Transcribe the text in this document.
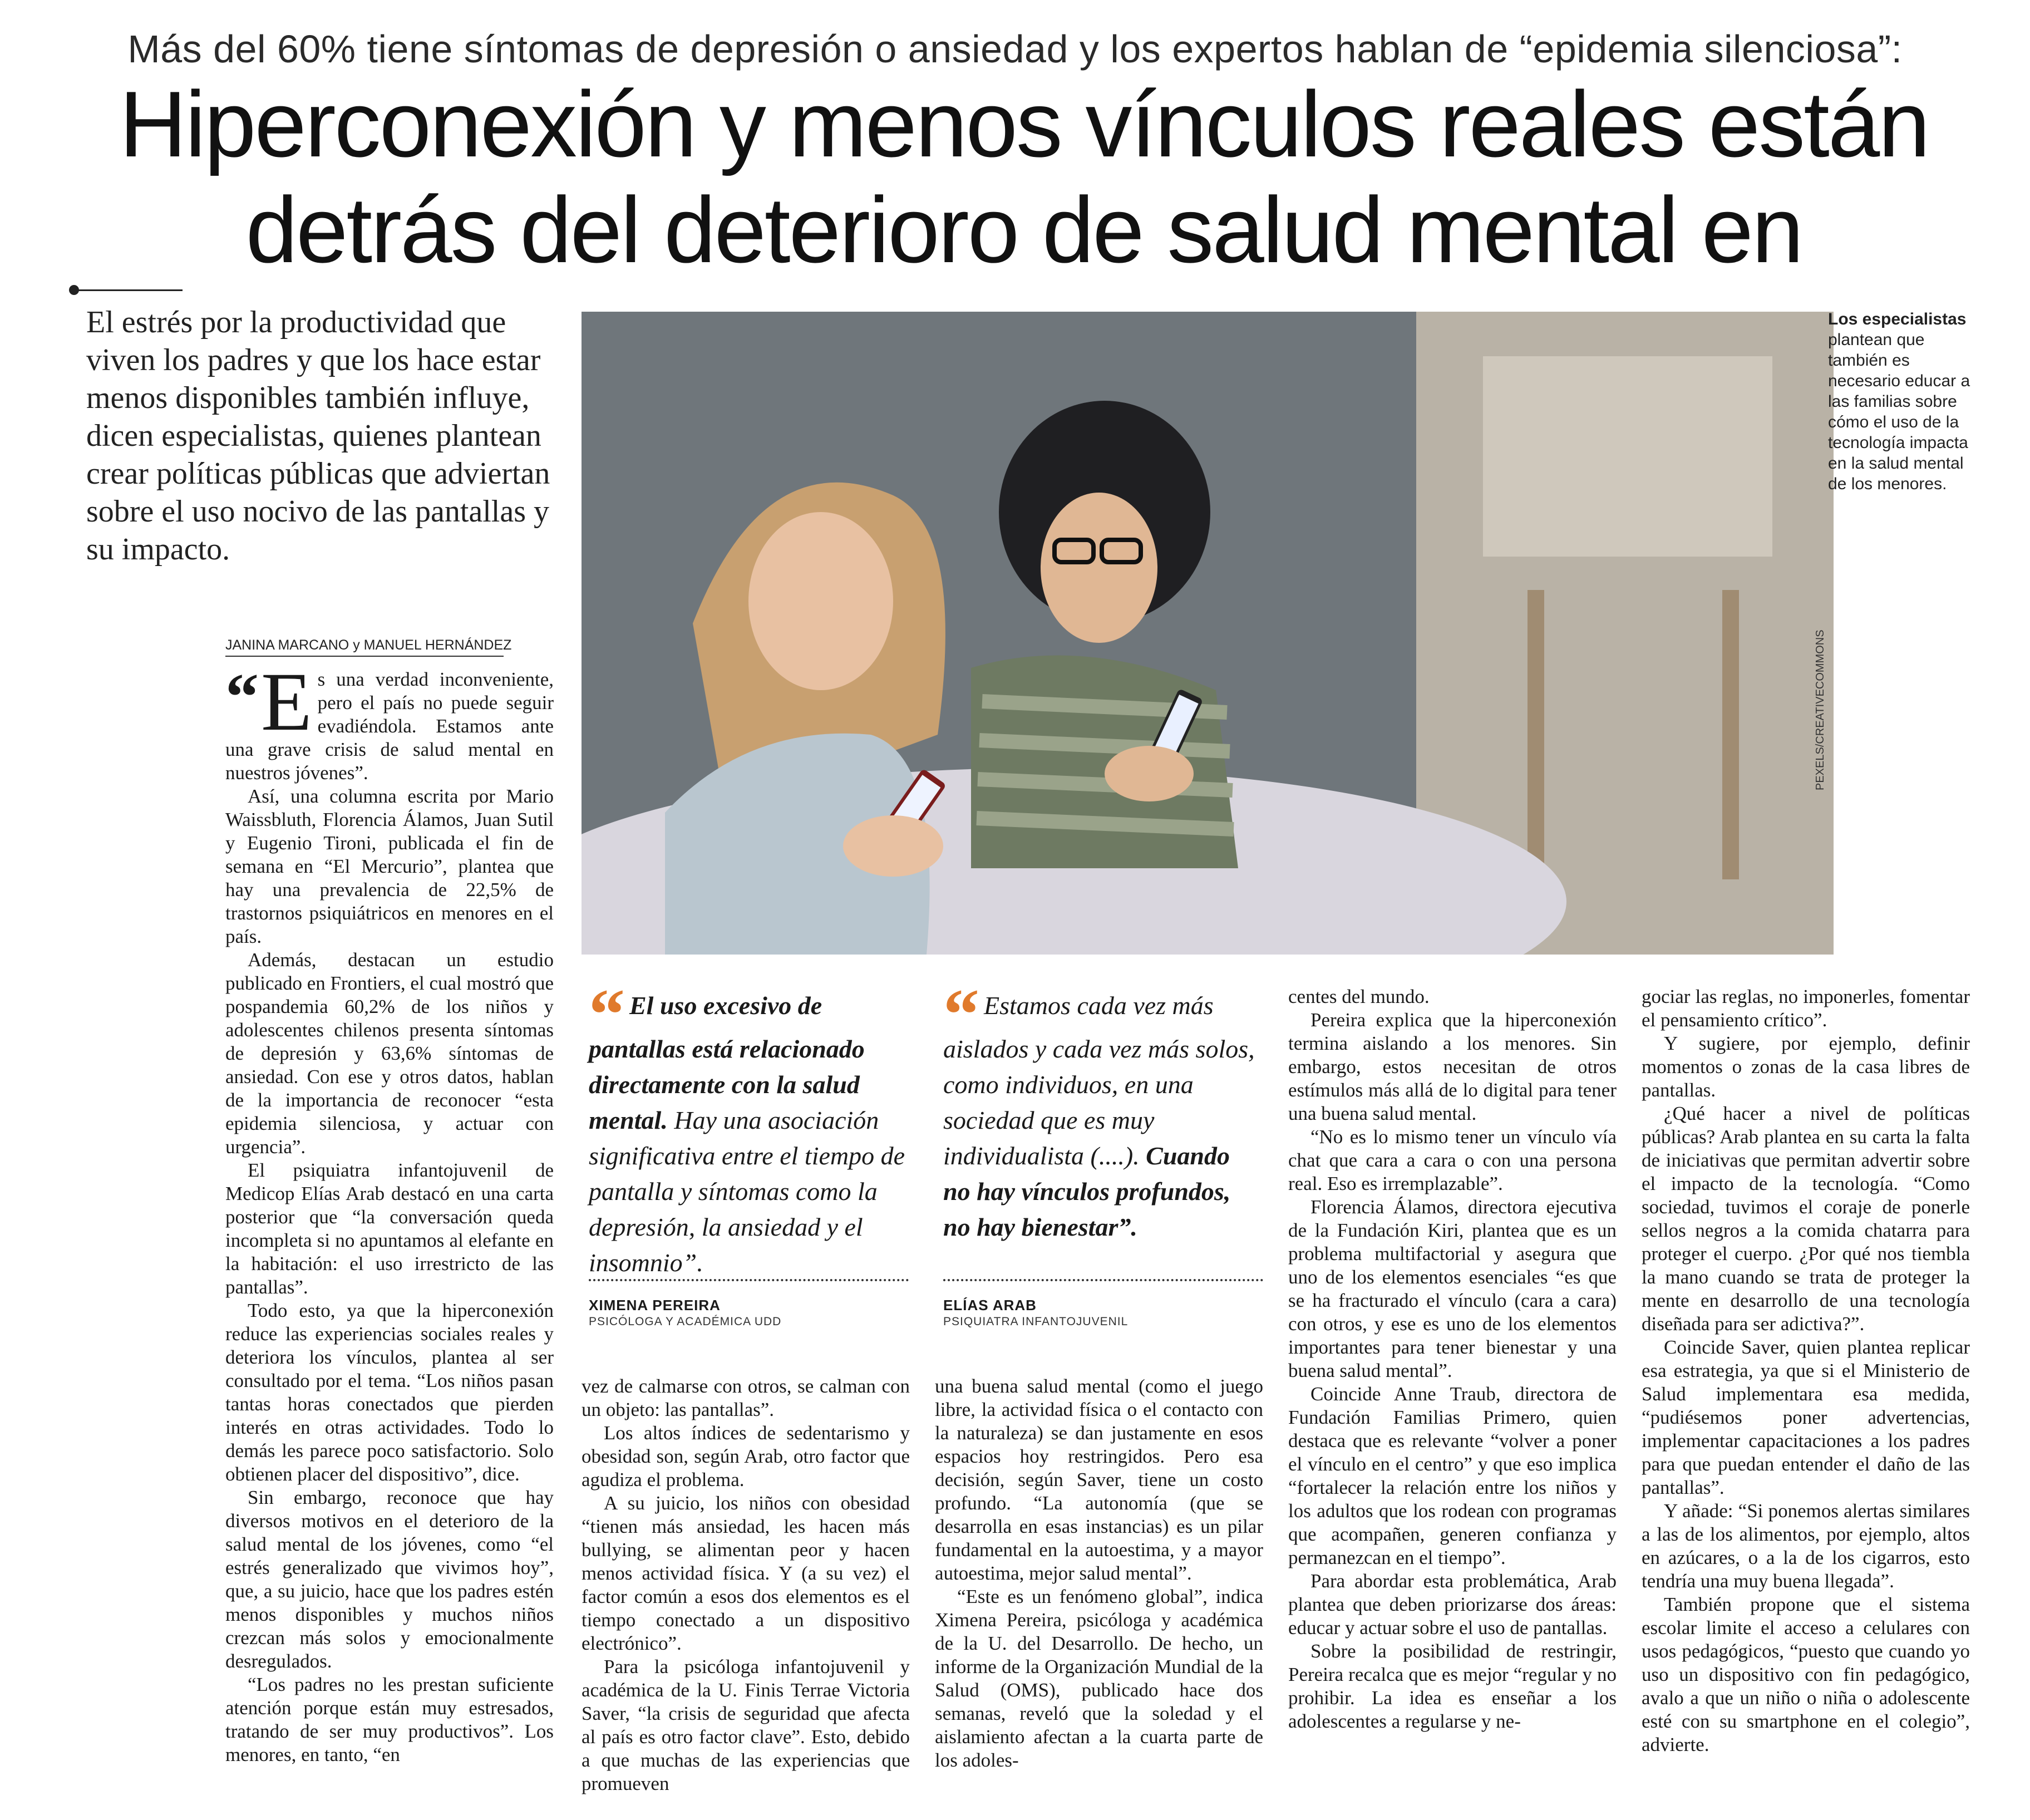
Más del 60% tiene síntomas de depresión o ansiedad y los expertos hablan de “epidemia silenciosa”:
Hiperconexión y menos vínculos reales están
detrás del deterioro de salud mental en

El estrés por la productividad que viven los padres y que los hace estar menos disponibles también influye, dicen especialistas, quienes plantean crear políticas públicas que adviertan sobre el uso nocivo de las pantallas y su impacto.

JANINA MARCANO y MANUEL HERNÁNDEZ

“ E s una verdad inconveniente, pero el país no puede seguir evadiéndola. Estamos ante una grave crisis de salud mental en nuestros jóvenes”.

Así, una columna escrita por Mario Waissbluth, Florencia Álamos, Juan Sutil y Eugenio Tironi, publicada el fin de semana en “El Mercurio”, plantea que hay una prevalencia de 22,5% de trastornos psiquiátricos en menores en el país.

Además, destacan un estudio publicado en Frontiers, el cual mostró que pospandemia 60,2% de los niños y adolescentes chilenos presenta síntomas de depresión y 63,6% síntomas de ansiedad. Con ese y otros datos, hablan de la importancia de reconocer “esta epidemia silenciosa, y actuar con urgencia”.

El psiquiatra infantojuvenil de Medicop Elías Arab destacó en una carta posterior que “la conversación queda incompleta si no apuntamos al elefante en la habitación: el uso irrestricto de las pantallas”.

Todo esto, ya que la hiperconexión reduce las experiencias sociales reales y deteriora los vínculos, plantea al ser consultado por el tema. “Los niños pasan tantas horas conectados que pierden interés en otras actividades. Todo lo demás les parece poco satisfactorio. Solo obtienen placer del dispositivo”, dice.

Sin embargo, reconoce que hay diversos motivos en el deterioro de la salud mental de los jóvenes, como “el estrés generalizado que vivimos hoy”, que, a su juicio, hace que los padres estén menos disponibles y muchos niños crezcan más solos y emocionalmente desregulados.

“Los padres no les prestan suficiente atención porque están muy estresados, tratando de ser muy productivos”. Los menores, en tanto, “en

PEXELS/CREATIVECOMMONS

Los especialistas plantean que también es necesario educar a las familias sobre cómo el uso de la tecnología impacta en la salud mental de los menores.

“ El uso excesivo de pantallas está relacionado directamente con la salud mental. Hay una asociación significativa entre el tiempo de pantalla y síntomas como la depresión, la ansiedad y el insomnio”.
XIMENA PEREIRA
PSICÓLOGA Y ACADÉMICA UDD
“ Estamos cada vez más aislados y cada vez más solos, como individuos, en una sociedad que es muy individualista (....). Cuando no hay vínculos profundos, no hay bienestar”.
ELÍAS ARAB
PSIQUIATRA INFANTOJUVENIL

vez de calmarse con otros, se calman con un objeto: las pantallas”.

Los altos índices de sedentarismo y obesidad son, según Arab, otro factor que agudiza el problema.

A su juicio, los niños con obesidad “tienen más ansiedad, les hacen más bullying, se alimentan peor y hacen menos actividad física. Y (a su vez) el factor común a esos dos elementos es el tiempo conectado a un dispositivo electrónico”.

Para la psicóloga infantojuvenil y académica de la U. Finis Terrae Victoria Saver, “la crisis de seguridad que afecta al país es otro factor clave”. Esto, debido a que muchas de las experiencias que promueven

una buena salud mental (como el juego libre, la actividad física o el contacto con la naturaleza) se dan justamente en esos espacios hoy restringidos. Pero esa decisión, según Saver, tiene un costo profundo. “La autonomía (que se desarrolla en esas instancias) es un pilar fundamental en la autoestima, y a mayor autoestima, mejor salud mental”.

“Este es un fenómeno global”, indica Ximena Pereira, psicóloga y académica de la U. del Desarrollo. De hecho, un informe de la Organización Mundial de la Salud (OMS), publicado hace dos semanas, reveló que la soledad y el aislamiento afectan a la cuarta parte de los adoles-

centes del mundo.

Pereira explica que la hiperconexión termina aislando a los menores. Sin embargo, estos necesitan de otros estímulos más allá de lo digital para tener una buena salud mental.

“No es lo mismo tener un vínculo vía chat que cara a cara o con una persona real. Eso es irremplazable”.

Florencia Álamos, directora ejecutiva de la Fundación Kiri, plantea que es un problema multifactorial y asegura que uno de los elementos esenciales “es que se ha fracturado el vínculo (cara a cara) con otros, y ese es uno de los elementos importantes para tener bienestar y una buena salud mental”.

Coincide Anne Traub, directora de Fundación Familias Primero, quien destaca que es relevante “volver a poner el vínculo en el centro” y que eso implica “fortalecer la relación entre los niños y los adultos que los rodean con programas que acompañen, generen confianza y permanezcan en el tiempo”.

Para abordar esta problemática, Arab plantea que deben priorizarse dos áreas: educar y actuar sobre el uso de pantallas.

Sobre la posibilidad de restringir, Pereira recalca que es mejor “regular y no prohibir. La idea es enseñar a los adolescentes a regularse y ne-

gociar las reglas, no imponerles, fomentar el pensamiento crítico”.

Y sugiere, por ejemplo, definir momentos o zonas de la casa libres de pantallas.

¿Qué hacer a nivel de políticas públicas? Arab plantea en su carta la falta de iniciativas que permitan advertir sobre el impacto de la tecnología. “Como sociedad, tuvimos el coraje de ponerle sellos negros a la comida chatarra para proteger el cuerpo. ¿Por qué nos tiembla la mano cuando se trata de proteger la mente en desarrollo de una tecnología diseñada para ser adictiva?”.

Coincide Saver, quien plantea replicar esa estrategia, ya que si el Ministerio de Salud implementara esa medida, “pudiésemos poner advertencias, implementar capacitaciones a los padres para que puedan entender el daño de las pantallas”.

Y añade: “Si ponemos alertas similares a las de los alimentos, por ejemplo, altos en azúcares, o a la de los cigarros, esto tendría una muy buena llegada”.

También propone que el sistema escolar limite el acceso a celulares con usos pedagógicos, “puesto que cuando yo uso un dispositivo con fin pedagógico, avalo a que un niño o niña o adolescente esté con su smartphone en el colegio”, advierte.
